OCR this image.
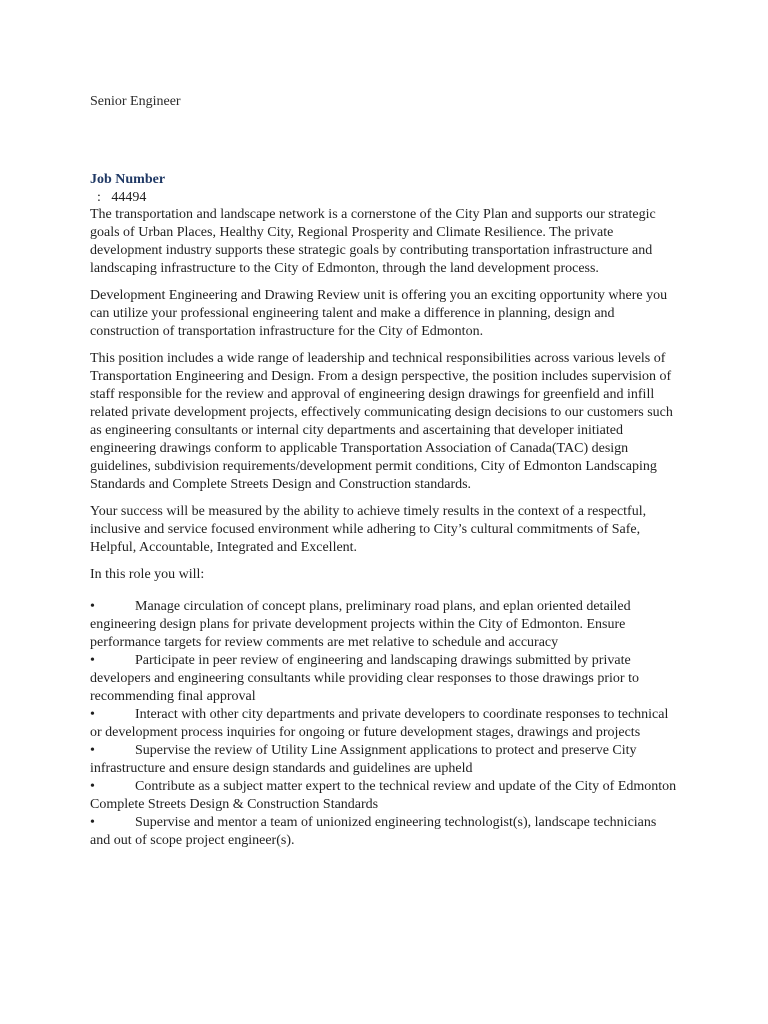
Senior Engineer
Job Number
:   44494

The transportation and landscape network is a cornerstone of the City Plan and supports our strategic goals of Urban Places, Healthy City, Regional Prosperity and Climate Resilience. The private development industry supports these strategic goals by contributing transportation infrastructure and landscaping infrastructure to the City of Edmonton, through the land development process.

Development Engineering and Drawing Review unit is offering you an exciting opportunity where you can utilize your professional engineering talent and make a difference in planning, design and construction of transportation infrastructure for the City of Edmonton.

This position includes a wide range of leadership and technical responsibilities across various levels of Transportation Engineering and Design. From a design perspective, the position includes supervision of staff responsible for the review and approval of engineering design drawings for greenfield and infill related private development projects, effectively communicating design decisions to our customers such as engineering consultants or internal city departments and ascertaining that developer initiated engineering drawings conform to applicable Transportation Association of Canada(TAC) design guidelines, subdivision requirements/development permit conditions, City of Edmonton Landscaping Standards and Complete Streets Design and Construction standards.

Your success will be measured by the ability to achieve timely results in the context of a respectful, inclusive and service focused environment while adhering to City’s cultural commitments of Safe, Helpful, Accountable, Integrated and Excellent.

In this role you will:

•	Manage circulation of concept plans, preliminary road plans, and eplan oriented detailed engineering design plans for private development projects within the City of Edmonton. Ensure performance targets for review comments are met relative to schedule and accuracy
•	Participate in peer review of engineering and landscaping drawings submitted by private developers and engineering consultants while providing clear responses to those drawings prior to recommending final approval
•	Interact with other city departments and private developers to coordinate responses to technical or development process inquiries for ongoing or future development stages, drawings and projects
•	Supervise the review of Utility Line Assignment applications to protect and preserve City infrastructure and ensure design standards and guidelines are upheld
•	Contribute as a subject matter expert to the technical review and update of the City of Edmonton Complete Streets Design & Construction Standards
•	Supervise and mentor a team of unionized engineering technologist(s), landscape technicians and out of scope project engineer(s).
